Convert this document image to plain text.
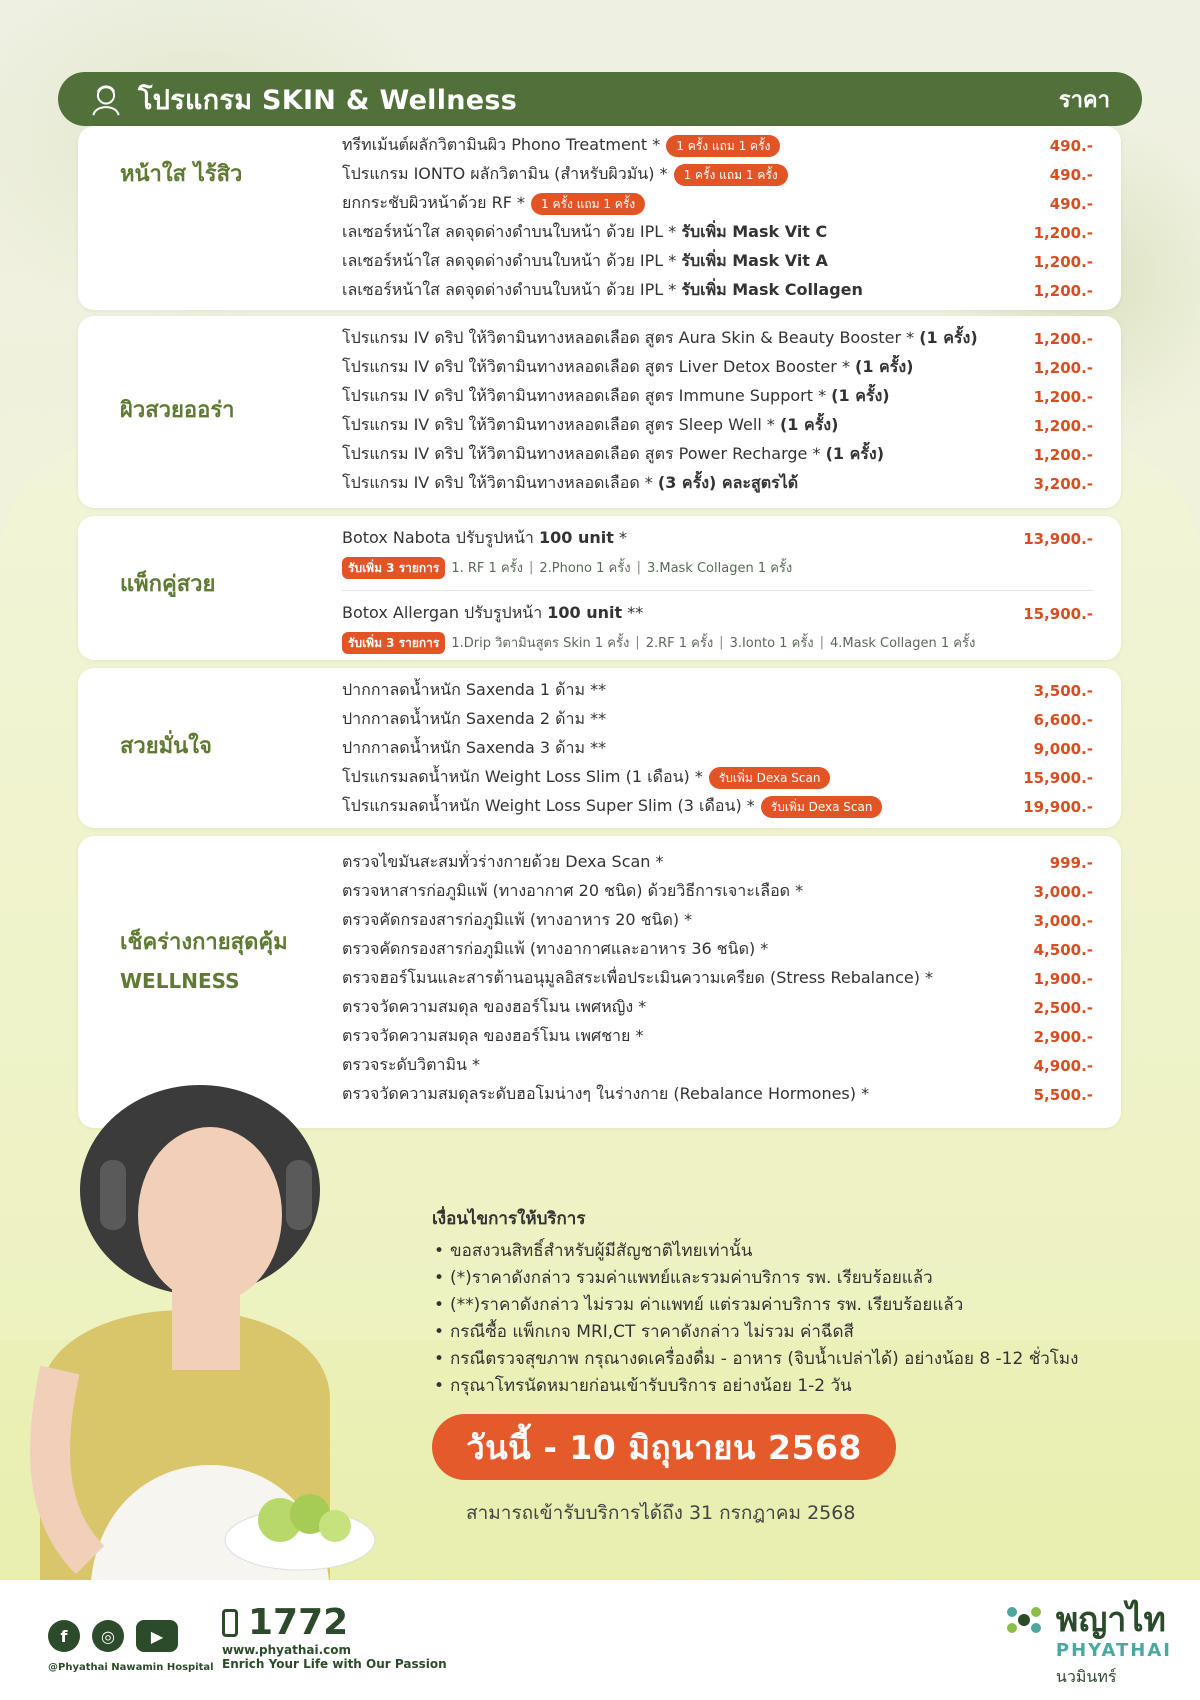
โปรแกรม SKIN & Wellness	ราคา
หน้าใส ไร้สิว
ทรีทเม้นต์ผลักวิตามินผิว Phono Treatment * 1 ครั้ง แถม 1 ครั้ง	490.-
โปรแกรม IONTO ผลักวิตามิน (สำหรับผิวมัน) * 1 ครั้ง แถม 1 ครั้ง	490.-
ยกกระชับผิวหน้าด้วย RF * 1 ครั้ง แถม 1 ครั้ง	490.-
เลเซอร์หน้าใส ลดจุดด่างดำบนใบหน้า ด้วย IPL * รับเพิ่ม Mask Vit C	1,200.-
เลเซอร์หน้าใส ลดจุดด่างดำบนใบหน้า ด้วย IPL * รับเพิ่ม Mask Vit A	1,200.-
เลเซอร์หน้าใส ลดจุดด่างดำบนใบหน้า ด้วย IPL * รับเพิ่ม Mask Collagen	1,200.-
ผิวสวยออร่า
โปรแกรม IV ดริป ให้วิตามินทางหลอดเลือด สูตร Aura Skin & Beauty Booster * (1 ครั้ง)	1,200.-
โปรแกรม IV ดริป ให้วิตามินทางหลอดเลือด สูตร Liver Detox Booster * (1 ครั้ง)	1,200.-
โปรแกรม IV ดริป ให้วิตามินทางหลอดเลือด สูตร Immune Support * (1 ครั้ง)	1,200.-
โปรแกรม IV ดริป ให้วิตามินทางหลอดเลือด สูตร Sleep Well * (1 ครั้ง)	1,200.-
โปรแกรม IV ดริป ให้วิตามินทางหลอดเลือด สูตร Power Recharge * (1 ครั้ง)	1,200.-
โปรแกรม IV ดริป ให้วิตามินทางหลอดเลือด * (3 ครั้ง) คละสูตรได้	3,200.-
แพ็กคู่สวย
Botox Nabota ปรับรูปหน้า 100 unit *	13,900.-
รับเพิ่ม 3 รายการ 1. RF 1 ครั้ง | 2.Phono 1 ครั้ง | 3.Mask Collagen 1 ครั้ง
Botox Allergan ปรับรูปหน้า 100 unit **	15,900.-
รับเพิ่ม 3 รายการ 1.Drip วิตามินสูตร Skin 1 ครั้ง | 2.RF 1 ครั้ง | 3.Ionto 1 ครั้ง | 4.Mask Collagen 1 ครั้ง
สวยมั่นใจ
ปากกาลดน้ำหนัก Saxenda 1 ด้าม **	3,500.-
ปากกาลดน้ำหนัก Saxenda 2 ด้าม **	6,600.-
ปากกาลดน้ำหนัก Saxenda 3 ด้าม **	9,000.-
โปรแกรมลดน้ำหนัก Weight Loss Slim (1 เดือน) * รับเพิ่ม Dexa Scan	15,900.-
โปรแกรมลดน้ำหนัก Weight Loss Super Slim (3 เดือน) * รับเพิ่ม Dexa Scan	19,900.-
เช็คร่างกายสุดคุ้ม
WELLNESS
ตรวจไขมันสะสมทั่วร่างกายด้วย Dexa Scan *	999.-
ตรวจหาสารก่อภูมิแพ้ (ทางอากาศ 20 ชนิด) ด้วยวิธีการเจาะเลือด *	3,000.-
ตรวจคัดกรองสารก่อภูมิแพ้ (ทางอาหาร 20 ชนิด) *	3,000.-
ตรวจคัดกรองสารก่อภูมิแพ้ (ทางอากาศและอาหาร 36 ชนิด) *	4,500.-
ตรวจฮอร์โมนและสารต้านอนุมูลอิสระเพื่อประเมินความเครียด (Stress Rebalance) *	1,900.-
ตรวจวัดความสมดุล ของฮอร์โมน เพศหญิง *	2,500.-
ตรวจวัดความสมดุล ของฮอร์โมน เพศชาย *	2,900.-
ตรวจระดับวิตามิน *	4,900.-
ตรวจวัดความสมดุลระดับฮอโมน่างๆ ในร่างกาย (Rebalance Hormones) *	5,500.-
เงื่อนไขการให้บริการ
• ขอสงวนสิทธิ์สำหรับผู้มีสัญชาติไทยเท่านั้น
• (*)ราคาดังกล่าว รวมค่าแพทย์และรวมค่าบริการ รพ. เรียบร้อยแล้ว
• (**)ราคาดังกล่าว ไม่รวม ค่าแพทย์ แต่รวมค่าบริการ รพ. เรียบร้อยแล้ว
• กรณีซื้อ แพ็กเกจ MRI,CT ราคาดังกล่าว ไม่รวม ค่าฉีดสี
• กรณีตรวจสุขภาพ กรุณางดเครื่องดื่ม - อาหาร (จิบน้ำเปล่าได้) อย่างน้อย 8 -12 ชั่วโมง
• กรุณาโทรนัดหมายก่อนเข้ารับบริการ อย่างน้อย 1-2 วัน
วันนี้ - 10 มิถุนายน 2568
สามารถเข้ารับบริการได้ถึง 31 กรกฎาคม 2568
f	◎	▶
@Phyathai Nawamin Hospital
1772
www.phyathai.com
Enrich Your Life with Our Passion
พญาไท
PHYATHAI
นวมินทร์
